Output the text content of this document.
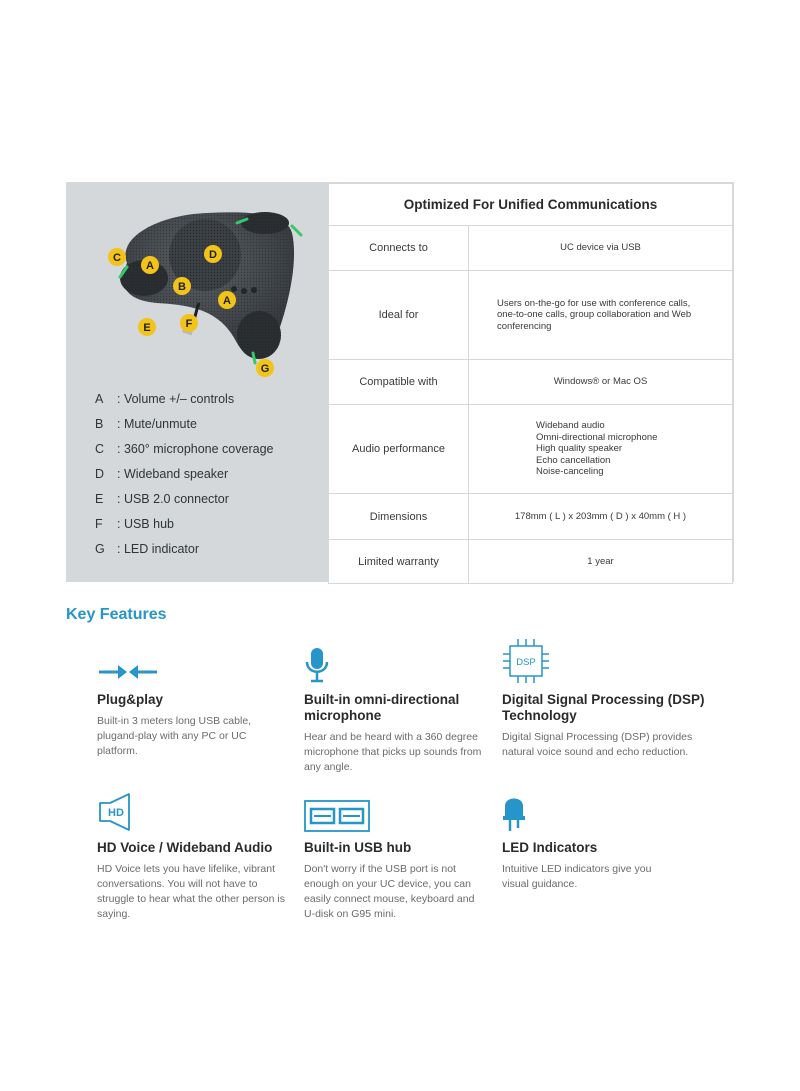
C
A
D
B
A
F
E
G
A	: Volume +/– controls
B	: Mute/unmute
C	: 360° microphone coverage
D	: Wideband speaker
E	: USB 2.0 connector
F	: USB hub
G : LED indicator
Optimized For Unified Communications	
Connects to	UC device via USB
Ideal for	Users on-the-go for use with conference calls, one-to-one calls, group collaboration and Web conferencing
Compatible with	Windows® or Mac OS
Audio performance	Wideband audio
Omni-directional microphone
High quality speaker
Echo cancellation
Noise-canceling

Dimensions	178mm ( L ) x 203mm ( D ) x 40mm ( H )
Limited warranty	1 year
Key Features
Plug&play
Built-in 3 meters long USB cable, plugand-play with any PC or UC platform.
Built-in omni-directional microphone
Hear and be heard with a 360 degree microphone that picks up sounds from any angle.
DSP
Digital Signal Processing (DSP) Technology
Digital Signal Processing (DSP) provides natural voice sound and echo reduction.
HD
HD Voice / Wideband Audio
HD Voice lets you have lifelike, vibrant conversations. You will not have to struggle to hear what the other person is saying.
Built-in USB hub
Don't worry if the USB port is not enough on your UC device, you can easily connect mouse, keyboard and U-disk on G95 mini.
LED Indicators
Intuitive LED indicators give you visual guidance.
